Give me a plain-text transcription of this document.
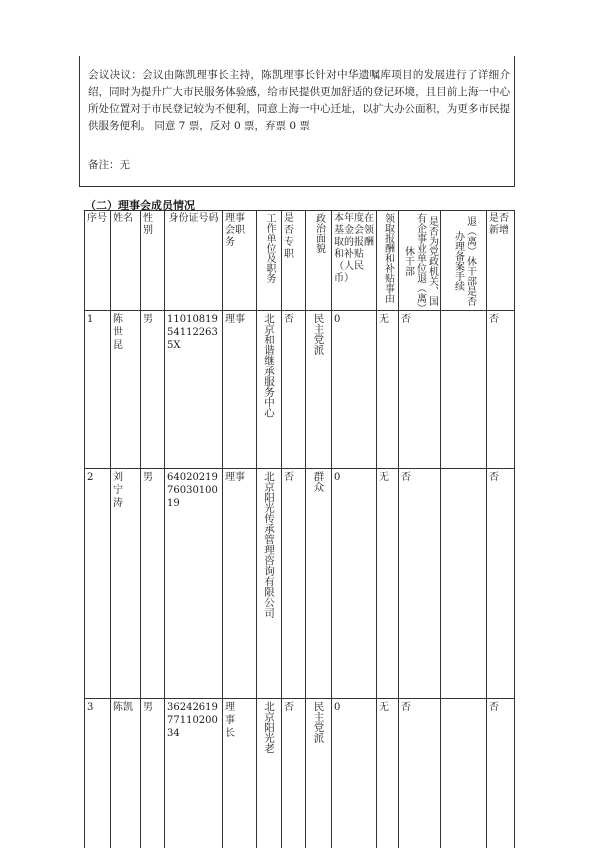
会议决议：会议由陈凯理事长主持，陈凯理事长针对中华遗嘱库项目的发展进行了详细介绍，同时为提升广大市民服务体验感，给市民提供更加舒适的登记环境，且目前上海一中心所处位置对于市民登记较为不便利，同意上海一中心迁址，以扩大办公面积，为更多市民提供服务便利。 同意 7 票，反对 0 票，弃票 0 票
备注：无
（二）理事会成员情况
序号	姓名	性别	身份证号码	理事会职务	工作单位及职务	是否专职	政治面貌	本年度在基金会领取的报酬和补贴（人民币）	领取报酬和补贴事由	是否为党政机关、国有企事业单位退（离）休干部	退（离）休干部是否办理备案手续	是否新增

1	陈世昆	男	11010819541122635X	理事	北京和谐继承服务中心	否	民主党派	0	无	否		否
2	刘宁涛	男	640202197603010019	理事	北京阳光传承管理咨询有限公司	否	群众	0	无	否		否
3	陈凯	男	362426197711020034	理事长	北京阳光老	否	民主党派	0	无	否		否
